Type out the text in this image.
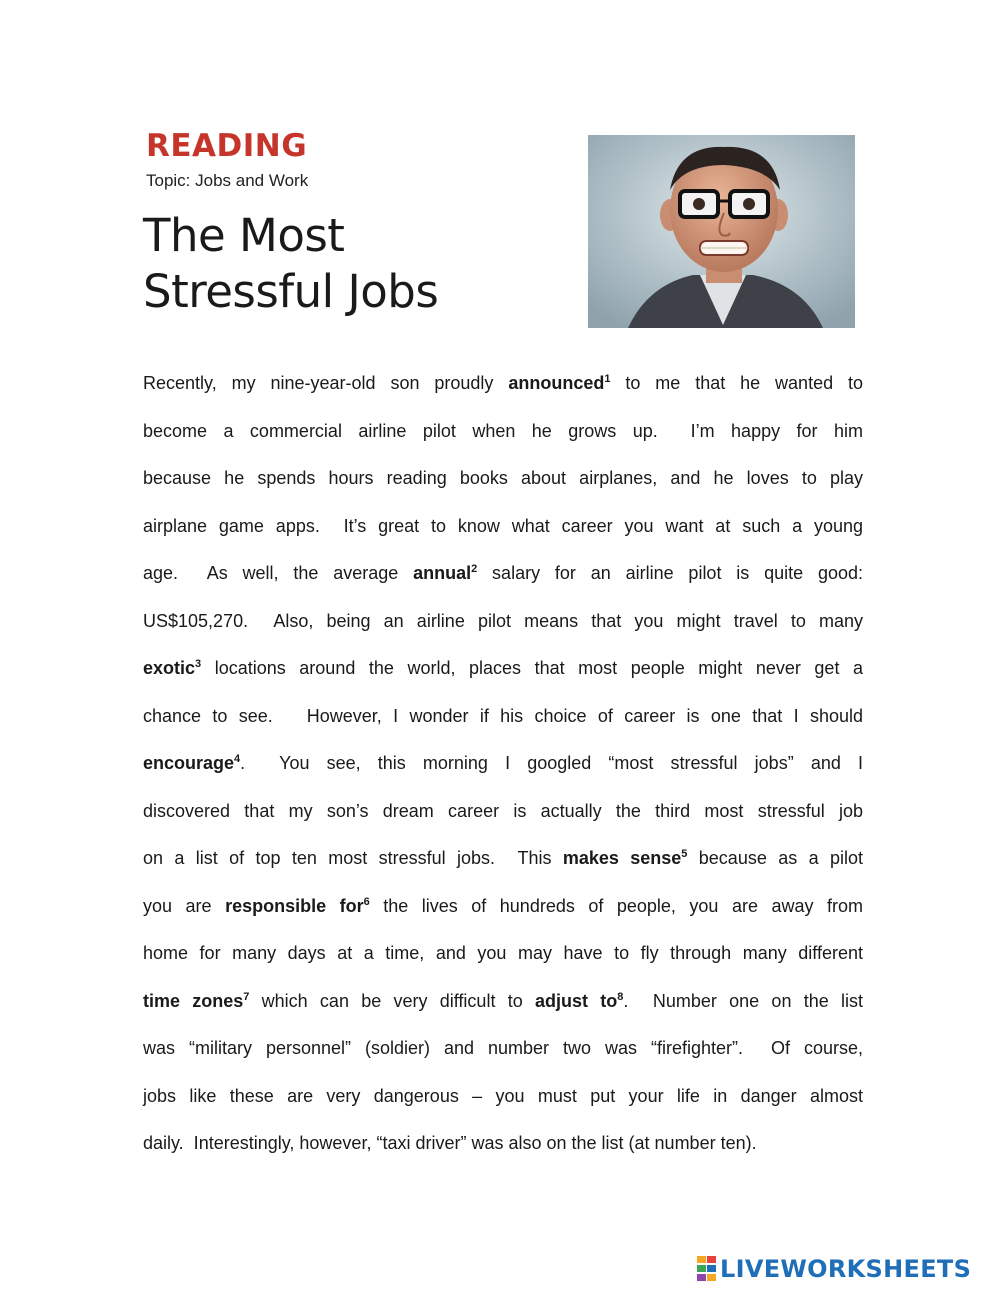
READING
Topic: Jobs and Work
The Most
Stressful Jobs
Recently, my nine-year-old son proudly announced$^1$ to me that he wanted to
become a commercial airline pilot when he grows up.  I’m happy for him
because he spends hours reading books about airplanes, and he loves to play
airplane game apps.  It’s great to know what career you want at such a young
age.  As well, the average annual$^2$ salary for an airline pilot is quite good:
US$105,270.  Also, being an airline pilot means that you might travel to many
exotic$^3$ locations around the world, places that most people might never get a
chance to see.   However, I wonder if his choice of career is one that I should
encourage$^4$.  You see, this morning I googled “most stressful jobs” and I
discovered that my son’s dream career is actually the third most stressful job
on a list of top ten most stressful jobs.  This makes sense$^5$ because as a pilot
you are responsible for$^6$ the lives of hundreds of people, you are away from
home for many days at a time, and you may have to fly through many different
time zones$^7$ which can be very difficult to adjust $to^8$.  Number one on the list
was “military personnel” (soldier) and number two was “firefighter”.  Of course,
jobs like these are very dangerous – you must put your life in danger almost
daily.  Interestingly, however, “taxi driver” was also on the list (at number ten).
LIVEWORKSHEETS
